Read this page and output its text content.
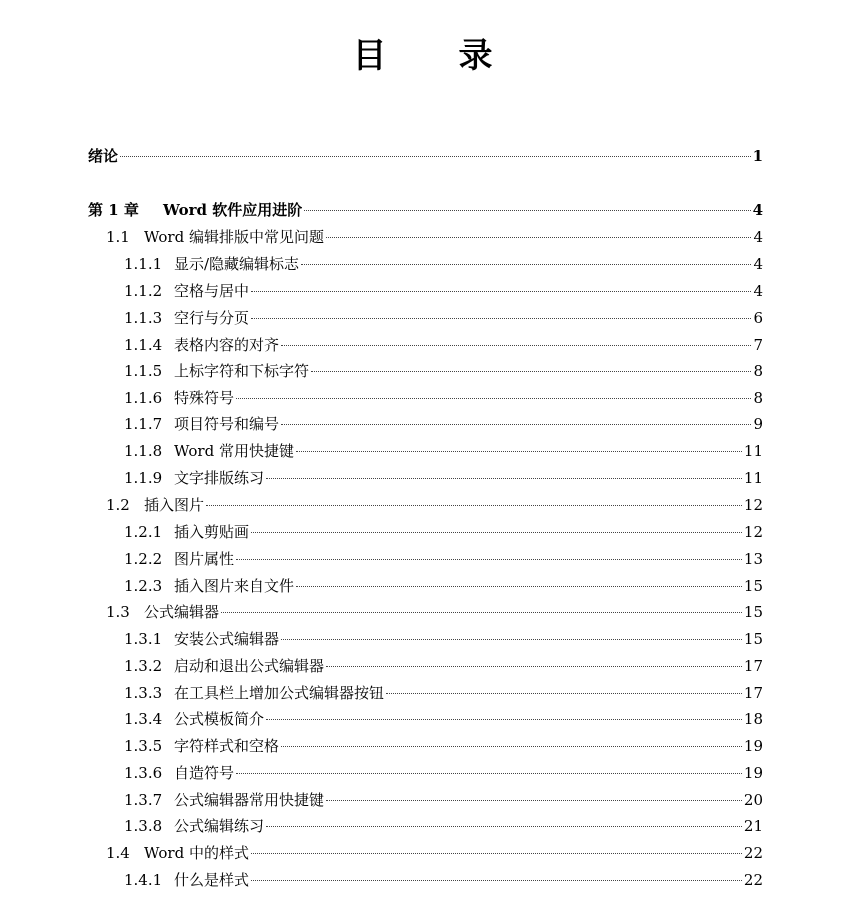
目 录
绪论	1
第 1 章	Word 软件应用进阶	4
1.1 Word 编辑排版中常见问题	4
1.1.1 显示/隐藏编辑标志	4
1.1.2 空格与居中	4
1.1.3 空行与分页	6
1.1.4 表格内容的对齐	7
1.1.5 上标字符和下标字符	8
1.1.6 特殊符号	8
1.1.7 项目符号和编号	9
1.1.8 Word 常用快捷键	11
1.1.9 文字排版练习	11
1.2 插入图片	12
1.2.1 插入剪贴画	12
1.2.2 图片属性	13
1.2.3 插入图片来自文件	15
1.3 公式编辑器	15
1.3.1 安装公式编辑器	15
1.3.2 启动和退出公式编辑器	17
1.3.3 在工具栏上增加公式编辑器按钮	17
1.3.4 公式模板简介	18
1.3.5 字符样式和空格	19
1.3.6 自造符号	19
1.3.7 公式编辑器常用快捷键	20
1.3.8 公式编辑练习	21
1.4 Word 中的样式	22
1.4.1 什么是样式	22
